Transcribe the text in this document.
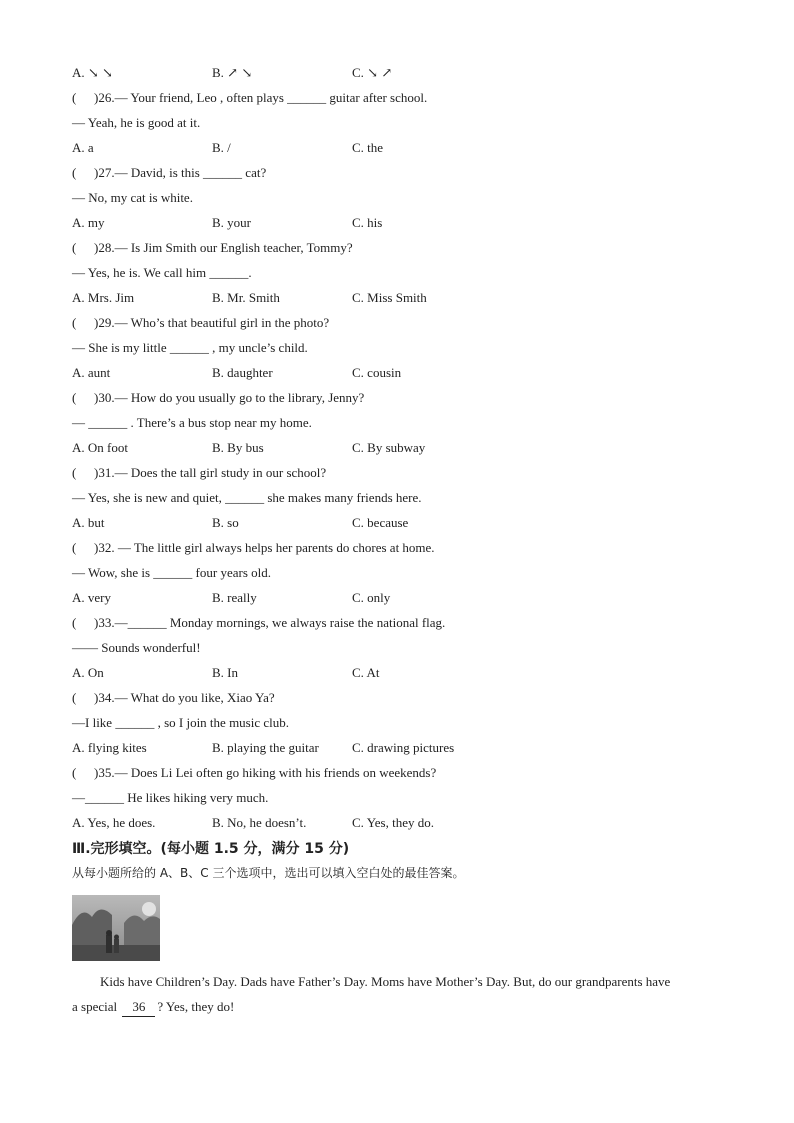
A. ↘ ↘	B. ↗ ↘	C. ↘ ↗
( )26.— Your friend, Leo , often plays ______ guitar after school.
— Yeah, he is good at it.
A. a	B. /	C. the
( )27.— David, is this ______ cat?
— No, my cat is white.
A. my	B. your	C. his
( )28.— Is Jim Smith our English teacher, Tommy?
— Yes, he is. We call him ______.
A. Mrs. Jim	B. Mr. Smith	C. Miss Smith
( )29.— Who’s that beautiful girl in the photo?
— She is my little ______ , my uncle’s child.
A. aunt	B. daughter	C. cousin
( )30.— How do you usually go to the library, Jenny?
— ______ . There’s a bus stop near my home.
A. On foot	B. By bus	C. By subway
( )31.— Does the tall girl study in our school?
— Yes, she is new and quiet, ______ she makes many friends here.
A. but	B. so	C. because
( )32. — The little girl always helps her parents do chores at home.
— Wow, she is ______ four years old.
A. very	B. really	C. only
( )33.—______ Monday mornings, we always raise the national flag.
—— Sounds wonderful!
A. On	B. In	C. At
( )34.— What do you like, Xiao Ya?
—I like ______ , so I join the music club.
A. flying kites	B. playing the guitar	C. drawing pictures
( )35.— Does Li Lei often go hiking with his friends on weekends?
—______ He likes hiking very much.
A. Yes, he does.	B. No, he doesn’t.	C. Yes, they do.
Ⅲ.完形填空。(每小题 1.5 分，满分 15 分)
从每小题所给的 A、B、C 三个选项中，选出可以填入空白处的最佳答案。
Kids have Children’s Day. Dads have Father’s Day. Moms have Mother’s Day. But, do our grandparents have
a special 36 ? Yes, they do!
